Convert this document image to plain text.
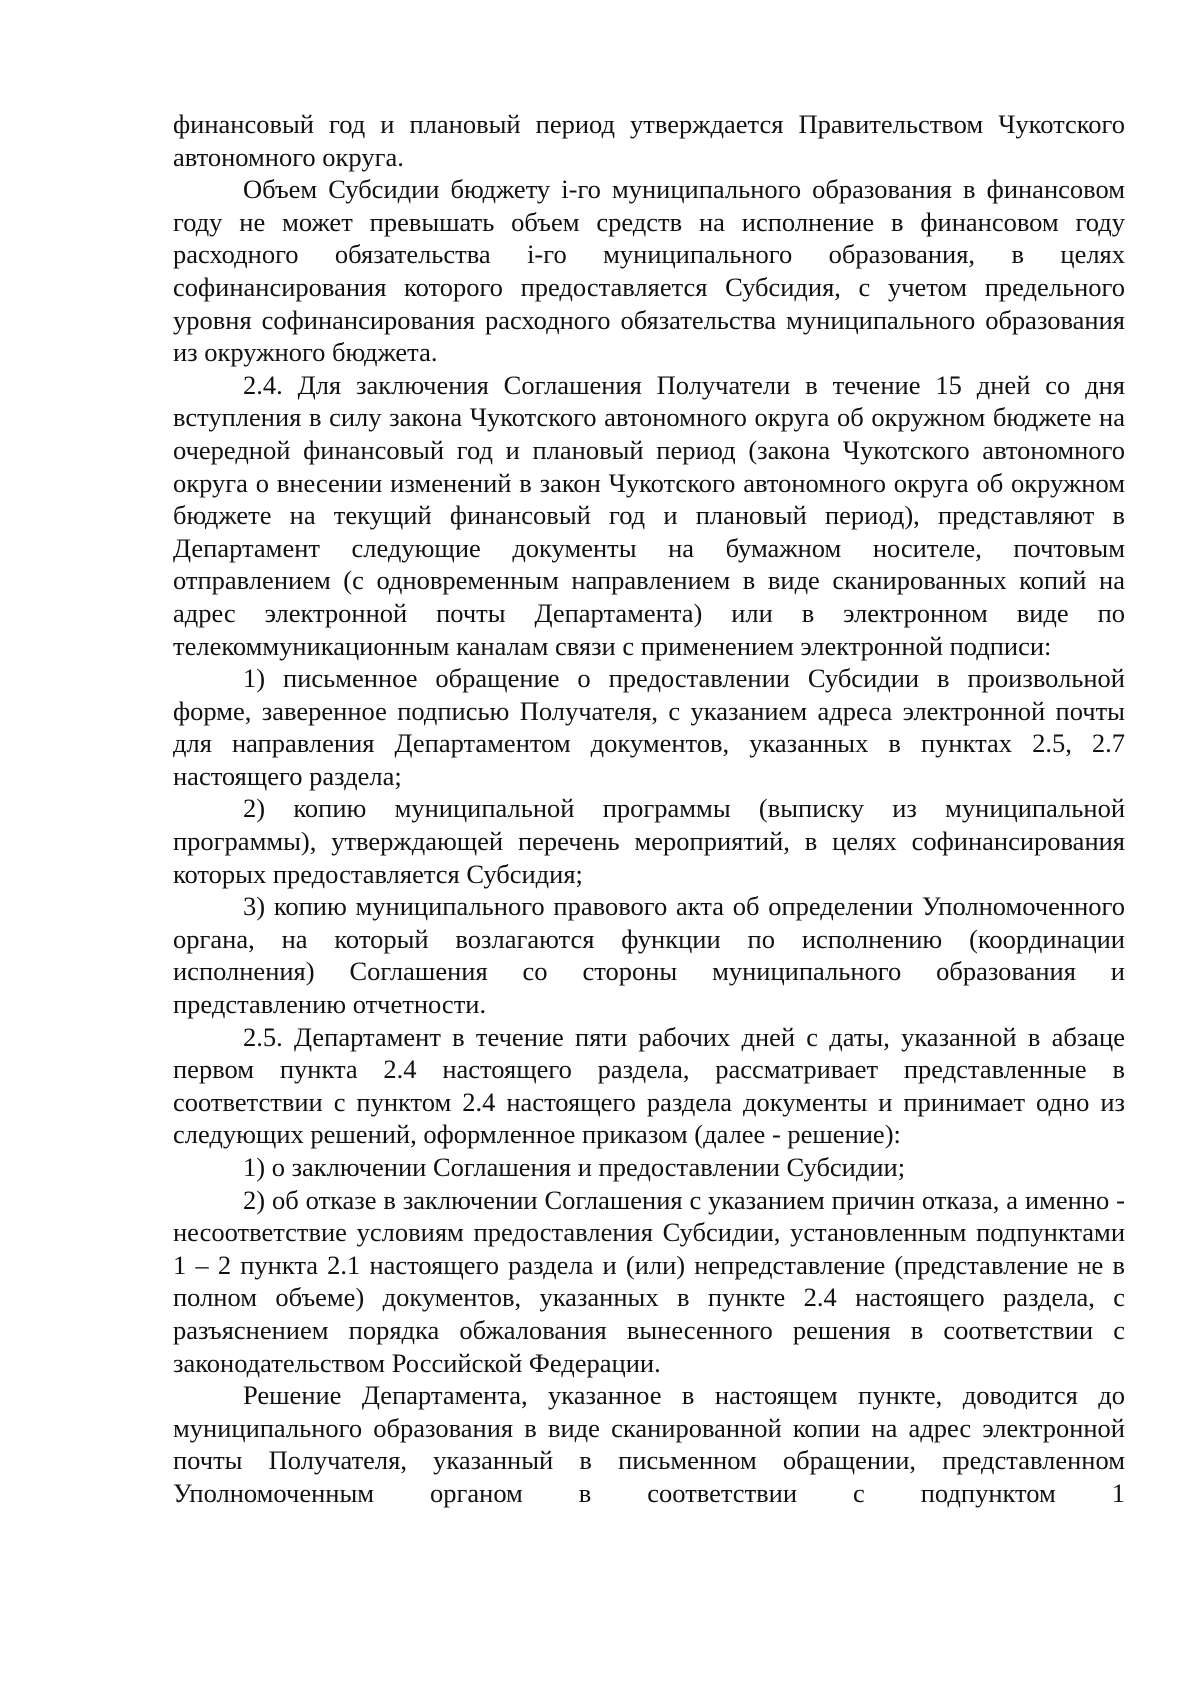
финансовый год и плановый период утверждается Правительством Чукотского автономного округа.

Объем Субсидии бюджету i-го муниципального образования в финансовом году не может превышать объем средств на исполнение в финансовом году расходного обязательства i-го муниципального образования, в целях софинансирования которого предоставляется Субсидия, с учетом предельного уровня софинансирования расходного обязательства муниципального образования из окружного бюджета.

2.4. Для заключения Соглашения Получатели в течение 15 дней со дня вступления в силу закона Чукотского автономного округа об окружном бюджете на очередной финансовый год и плановый период (закона Чукотского автономного округа о внесении изменений в закон Чукотского автономного округа об окружном бюджете на текущий финансовый год и плановый период), представляют в Департамент следующие документы на бумажном носителе, почтовым отправлением (с одновременным направлением в виде сканированных копий на адрес электронной почты Департамента) или в электронном виде по телекоммуникационным каналам связи с применением электронной подписи:

1) письменное обращение о предоставлении Субсидии в произвольной форме, заверенное подписью Получателя, с указанием адреса электронной почты для направления Департаментом документов, указанных в пунктах 2.5, 2.7 настоящего раздела;

2) копию муниципальной программы (выписку из муниципальной программы), утверждающей перечень мероприятий, в целях софинансирования которых предоставляется Субсидия;

3) копию муниципального правового акта об определении Уполномоченного органа, на который возлагаются функции по исполнению (координации исполнения) Соглашения со стороны муниципального образования и представлению отчетности.

2.5. Департамент в течение пяти рабочих дней с даты, указанной в абзаце первом пункта 2.4 настоящего раздела, рассматривает представленные в соответствии с пунктом 2.4 настоящего раздела документы и принимает одно из следующих решений, оформленное приказом (далее - решение):

1) о заключении Соглашения и предоставлении Субсидии;

2) об отказе в заключении Соглашения с указанием причин отказа, а именно - несоответствие условиям предоставления Субсидии, установленным подпунктами 1 – 2 пункта 2.1 настоящего раздела и (или) непредставление (представление не в полном объеме) документов, указанных в пункте 2.4 настоящего раздела, с разъяснением порядка обжалования вынесенного решения в соответствии с законодательством Российской Федерации.

Решение Департамента, указанное в настоящем пункте, доводится до муниципального образования в виде сканированной копии на адрес электронной почты Получателя, указанный в письменном обращении, представленном Уполномоченным органом в соответствии с подпунктом 1
